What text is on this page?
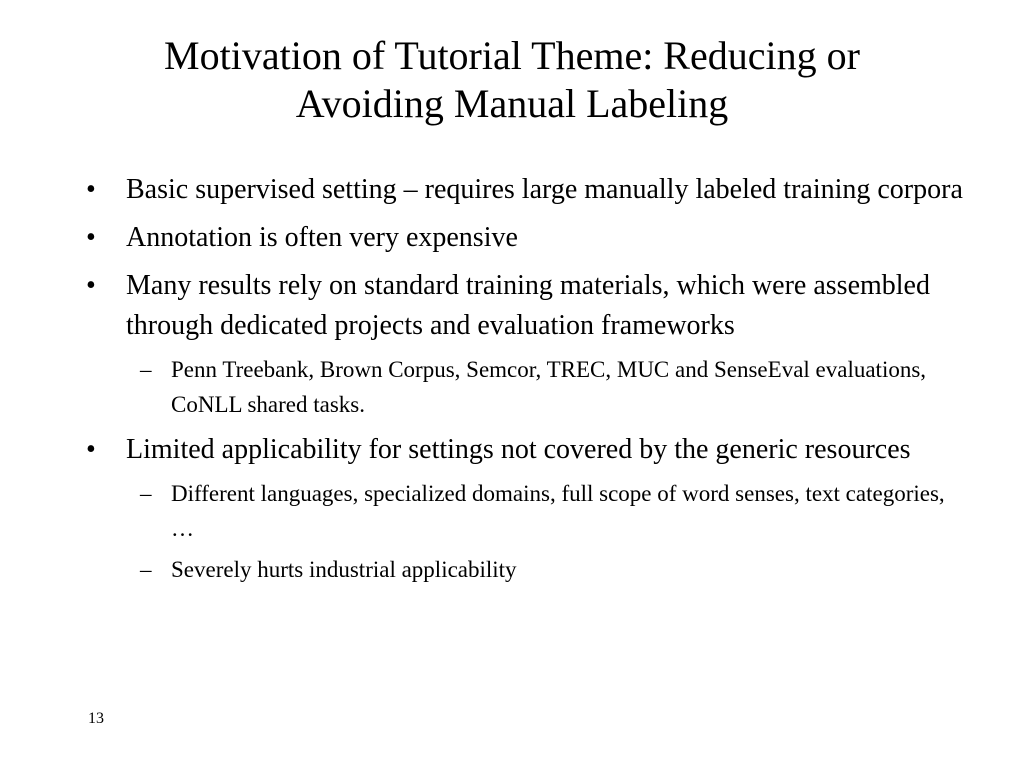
Motivation of Tutorial Theme: Reducing or
Avoiding Manual Labeling
• Basic supervised setting – requires large manually labeled training corpora
• Annotation is often very expensive
• Many results rely on standard training materials, which were assembled through dedicated projects and evaluation frameworks
– Penn Treebank, Brown Corpus, Semcor, TREC, MUC and SenseEval evaluations, CoNLL shared tasks.
• Limited applicability for settings not covered by the generic resources
– Different languages, specialized domains, full scope of word senses, text categories, …
– Severely hurts industrial applicability
13
